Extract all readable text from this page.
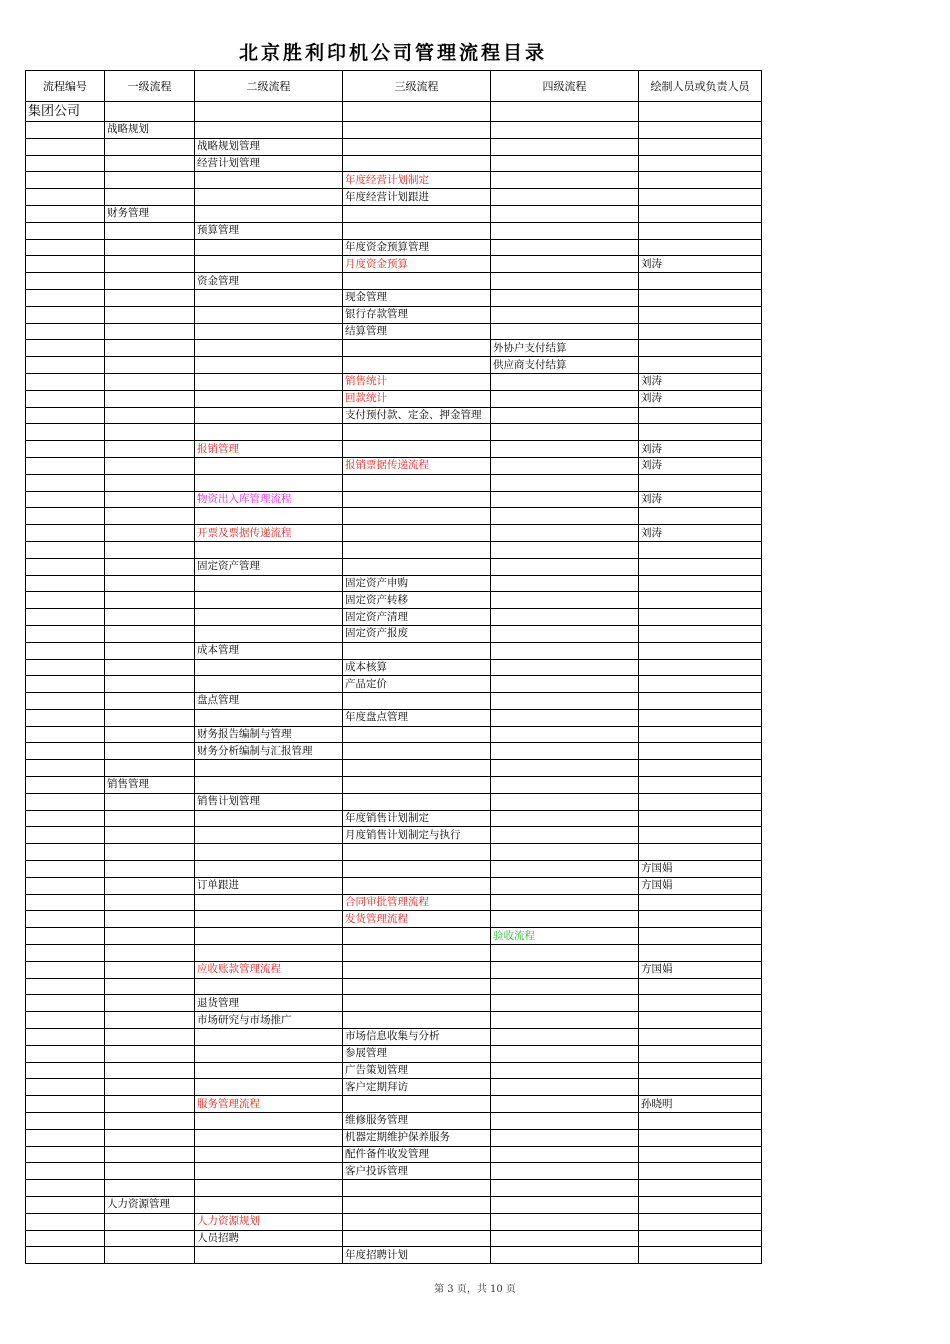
北京胜利印机公司管理流程目录
流程编号	一级流程	二级流程	三级流程	四级流程	绘制人员或负责人员
集团公司					
	战略规划				
		战略规划管理			
		经营计划管理			
			年度经营计划制定		
			年度经营计划跟进		
	财务管理				
		预算管理			
			年度资金预算管理		
			月度资金预算		刘涛
		资金管理			
			现金管理		
			银行存款管理		
			结算管理		
				外协户支付结算	
				供应商支付结算	
			销售统计		刘涛
			回款统计		刘涛
			支付预付款、定金、押金管理		

		报销管理			刘涛
			报销票据传递流程		刘涛

		物资出入库管理流程			刘涛

		开票及票据传递流程			刘涛

		固定资产管理			
			固定资产申购		
			固定资产转移		
			固定资产清理		
			固定资产报废		
		成本管理			
			成本核算		
			产品定价		
		盘点管理			
			年度盘点管理		
		财务报告编制与管理			
		财务分析编制与汇报管理			

	销售管理				
		销售计划管理			
			年度销售计划制定		
			月度销售计划制定与执行		

					方国娟
		订单跟进			方国娟
			合同审批管理流程		
			发货管理流程		
				验收流程	

		应收账款管理流程			方国娟

		退货管理			
		市场研究与市场推广			
			市场信息收集与分析		
			参展管理		
			广告策划管理		
			客户定期拜访		
		服务管理流程			孙晓明
			维修服务管理		
			机器定期维护保养服务		
			配件备件收发管理		
			客户投诉管理		

	人力资源管理				
		人力资源规划			
		人员招聘			
			年度招聘计划		
第 3 页，共 10 页
